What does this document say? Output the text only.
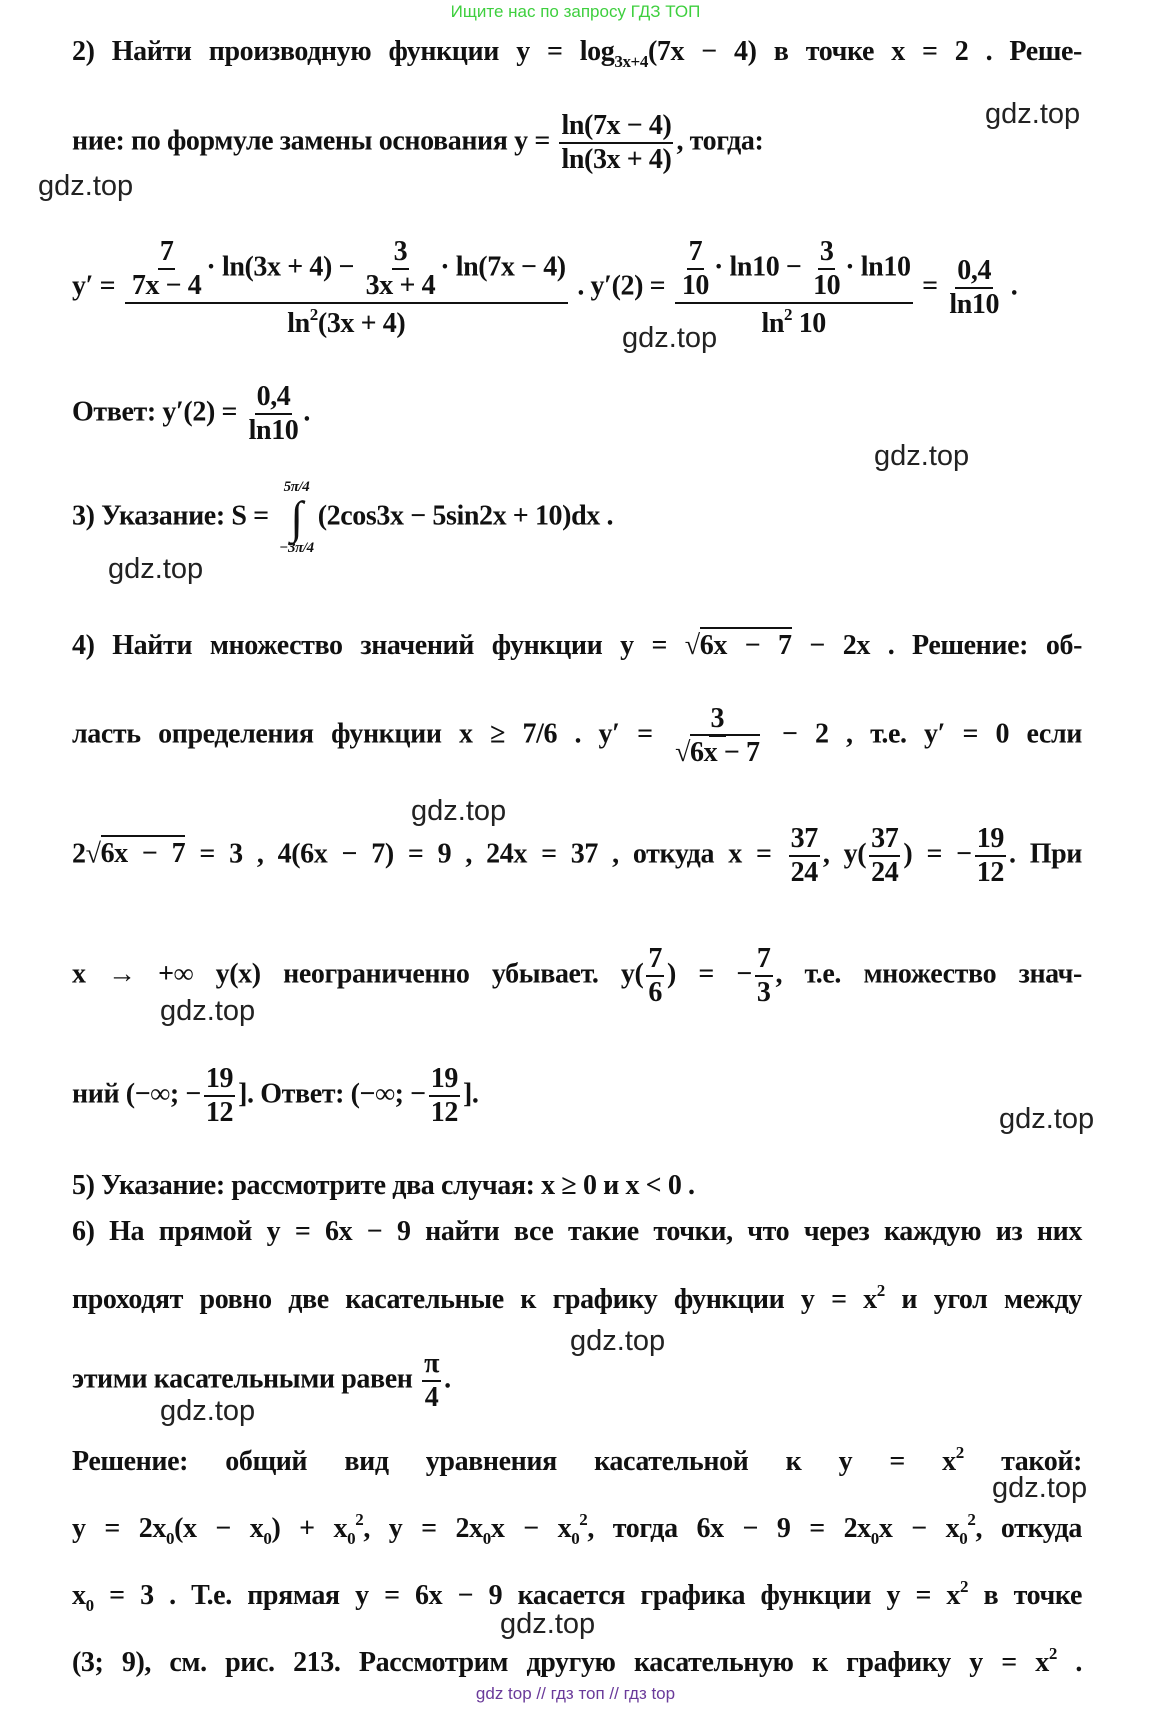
Ищите нас по запросу ГДЗ ТОП
2) Найти производную функции $y = \log_{3x+4}(7x - 4)$ в точке x = 2 . Реше-
ние: по формуле замены основания $y = \frac{\ln(7x - 4)}{\ln(3x + 4)}$ , тогда:
$y' = \frac{\frac{7}{7x - 4} \cdot \ln(3x + 4) - \frac{3}{3x + 4} \cdot \ln(7x - 4)}{\ln^2(3x + 4)}$ . $y'(2) = \frac{\frac{7}{10} \cdot \ln 10 - \frac{3}{10} \cdot \ln 10}{\ln^2 10} = \frac{0,4}{\ln 10}$ .
Ответ: $y'(2) = \frac{0,4}{\ln 10}$ .
3) Указание: S =
5π/4
∫
−3π/4
(2cos3x − 5sin2x + 10)dx .
4) Найти множество значений функции y = √6x − 7 − 2x . Решение: об-
ласть определения функции x ≥ 7/6 . $y' = \frac{3}{√6x - 7} - 2$ , т.е. y′ = 0 если
2√6x − 7 = 3 , 4(6x − 7) = 9 , 24x = 37 , откуда $x = \frac{37}{24}$ , $y( \frac{37}{24}$ ) = − $\frac{19}{12}$ . При
x → +∞ y(x) неограниченно убывает. $y( \frac{7}{6}$ ) = − $\frac{7}{3}$ , т.е. множество знач-
ний (−∞; − $\frac{19}{12}$ ]. Ответ: (−∞; − $\frac{19}{12}$ ].
5) Указание: рассмотрите два случая: x ≥ 0 и x < 0 .
6) На прямой y = 6x − 9 найти все такие точки, что через каждую из них
проходят ровно две касательные к графику функции $y = x^2$ и угол между
этими касательными равен $\frac{\pi}{4}$ .
Решение: общий вид уравнения касательной к $y = x^2$ такой:
$y = 2x_0(x - x_0) + x_0^2$, $y = 2x_0x - x_0^2$, тогда $6x - 9 = 2x_0x - x_0^2$, откуда
$x_0 = 3$ . Т.е. прямая y = 6x − 9 касается графика функции $y = x^2$ в точке
(3; 9), см. рис. 213. Рассмотрим другую касательную к графику $y = x^2$ .
gdz.top
gdz.top
gdz.top
gdz.top
gdz.top
gdz.top
gdz.top
gdz.top
gdz.top
gdz.top
gdz.top
gdz.top
gdz top // гдз топ // гдз top
